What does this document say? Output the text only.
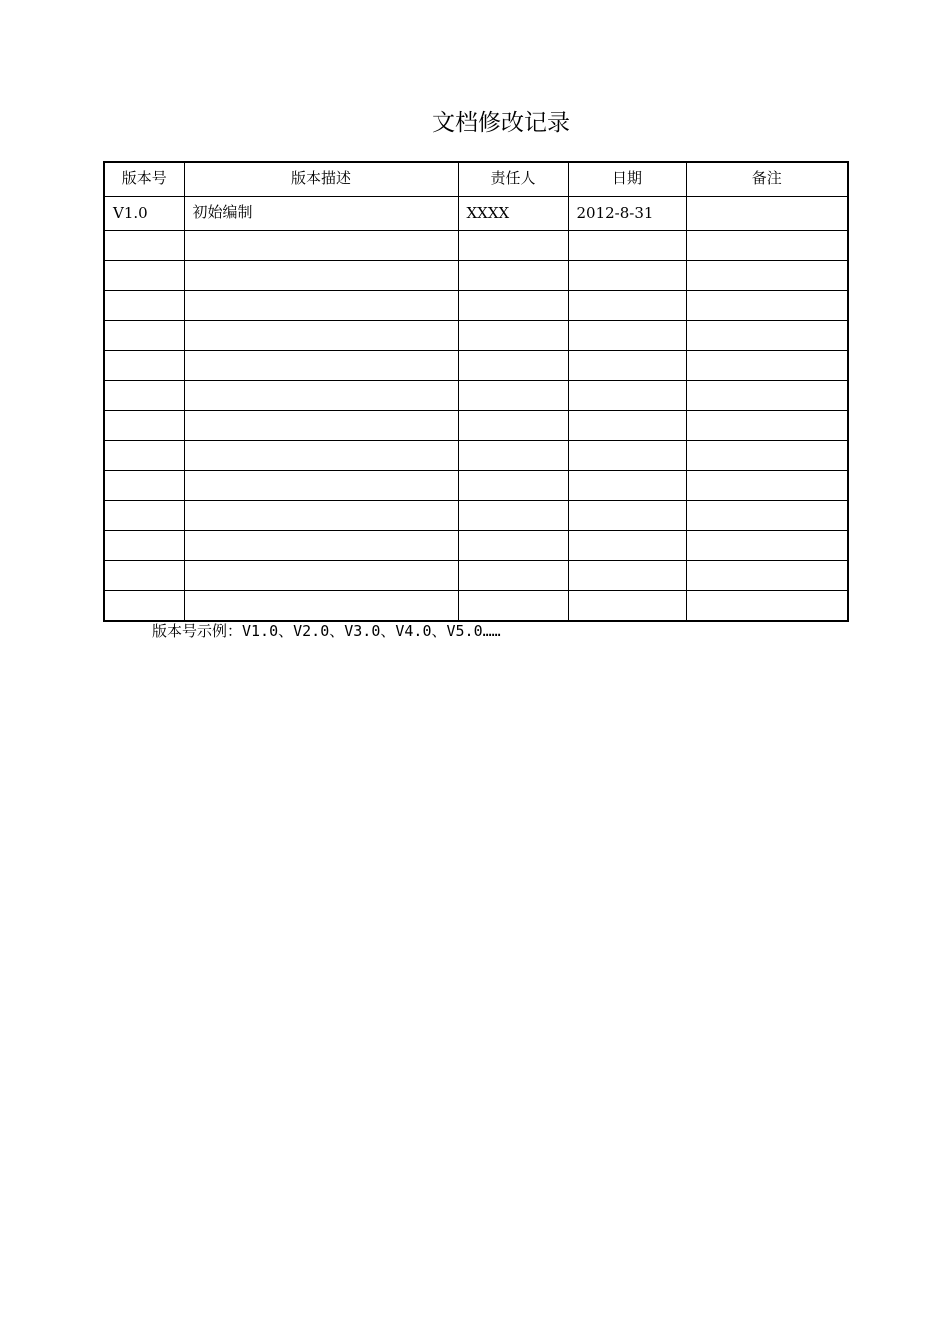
文档修改记录
版本号	版本描述	责任人	日期	备注
V1.0	初始编制	XXXX	2012-8-31	

版本号示例：V1.0、V2.0、V3.0、V4.0、V5.0……
